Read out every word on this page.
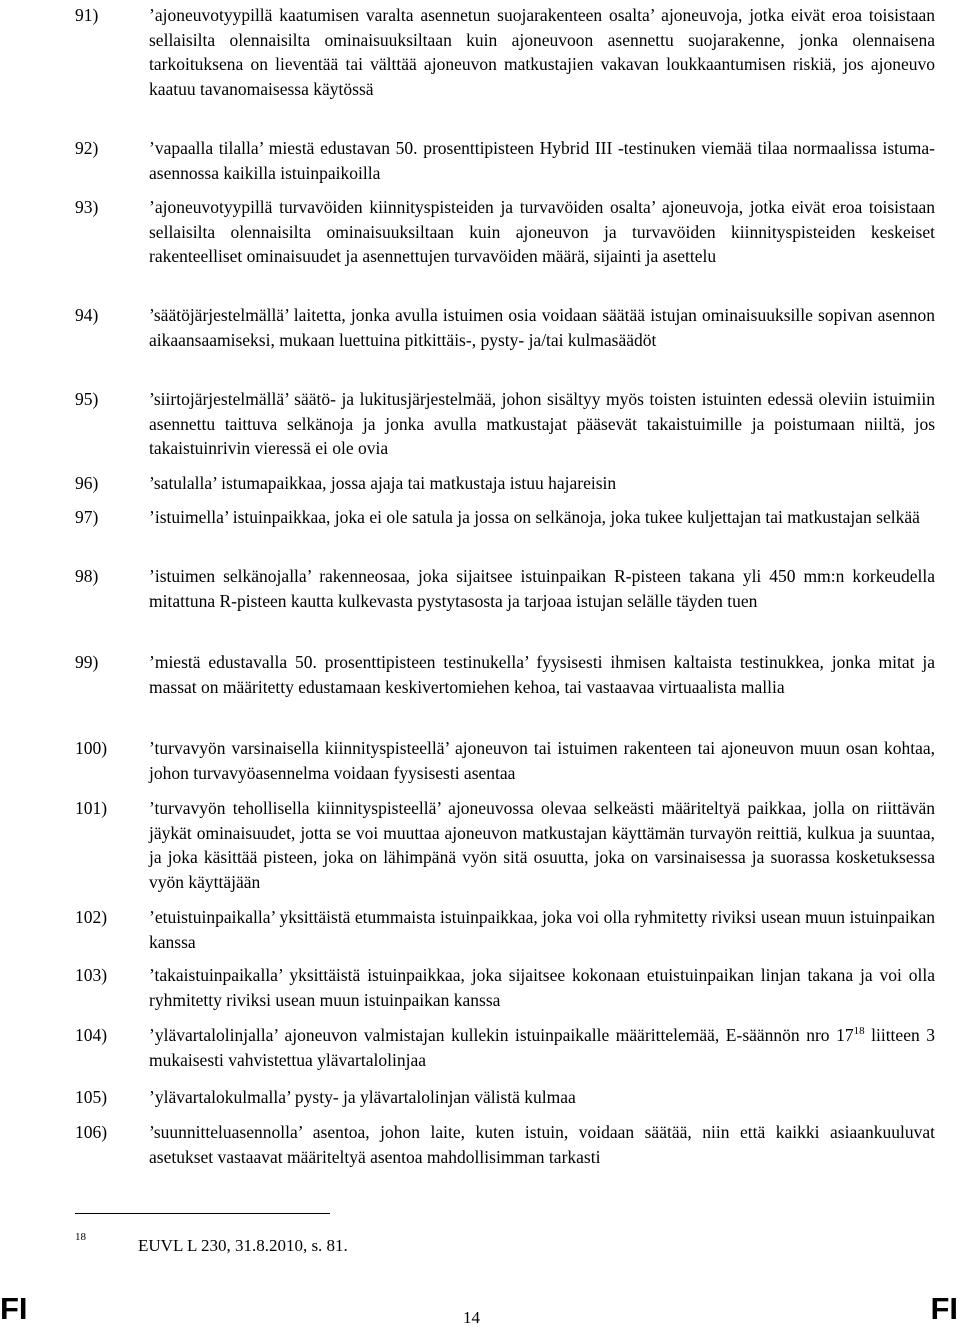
91)	’ajoneuvotyypillä kaatumisen varalta asennetun suojarakenteen osalta’ ajoneuvoja, jotka eivät eroa toisistaan sellaisilta olennaisilta ominaisuuksiltaan kuin ajoneuvoon asennettu suojarakenne, jonka olennaisena tarkoituksena on lieventää tai välttää ajoneuvon matkustajien vakavan loukkaantumisen riskiä, jos ajoneuvo kaatuu tavanomaisessa käytössä
92)	’vapaalla tilalla’ miestä edustavan 50. prosenttipisteen Hybrid III -testinuken viemää tilaa normaalissa istuma-asennossa kaikilla istuinpaikoilla
93)	’ajoneuvotyypillä turvavöiden kiinnityspisteiden ja turvavöiden osalta’ ajoneuvoja, jotka eivät eroa toisistaan sellaisilta olennaisilta ominaisuuksiltaan kuin ajoneuvon ja turvavöiden kiinnityspisteiden keskeiset rakenteelliset ominaisuudet ja asennettujen turvavöiden määrä, sijainti ja asettelu
94)	’säätöjärjestelmällä’ laitetta, jonka avulla istuimen osia voidaan säätää istujan ominaisuuksille sopivan asennon aikaansaamiseksi, mukaan luettuina pitkittäis-, pysty- ja/tai kulmasäädöt
95)	’siirtojärjestelmällä’ säätö- ja lukitusjärjestelmää, johon sisältyy myös toisten istuinten edessä oleviin istuimiin asennettu taittuva selkänoja ja jonka avulla matkustajat pääsevät takaistuimille ja poistumaan niiltä, jos takaistuinrivin vieressä ei ole ovia
96)	’satulalla’ istumapaikkaa, jossa ajaja tai matkustaja istuu hajareisin
97)	’istuimella’ istuinpaikkaa, joka ei ole satula ja jossa on selkänoja, joka tukee kuljettajan tai matkustajan selkää
98)	’istuimen selkänojalla’ rakenneosaa, joka sijaitsee istuinpaikan R-pisteen takana yli 450 mm:n korkeudella mitattuna R-pisteen kautta kulkevasta pystytasosta ja tarjoaa istujan selälle täyden tuen
99)	’miestä edustavalla 50. prosenttipisteen testinukella’ fyysisesti ihmisen kaltaista testinukkea, jonka mitat ja massat on määritetty edustamaan keskivertomiehen kehoa, tai vastaavaa virtuaalista mallia
100) ’turvavyön varsinaisella kiinnityspisteellä’ ajoneuvon tai istuimen rakenteen tai ajoneuvon muun osan kohtaa, johon turvavyöasennelma voidaan fyysisesti asentaa
101) ’turvavyön tehollisella kiinnityspisteellä’ ajoneuvossa olevaa selkeästi määriteltyä paikkaa, jolla on riittävän jäykät ominaisuudet, jotta se voi muuttaa ajoneuvon matkustajan käyttämän turvayön reittiä, kulkua ja suuntaa, ja joka käsittää pisteen, joka on lähimpänä vyön sitä osuutta, joka on varsinaisessa ja suorassa kosketuksessa vyön käyttäjään
102) ’etuistuinpaikalla’ yksittäistä etummaista istuinpaikkaa, joka voi olla ryhmitetty riviksi usean muun istuinpaikan kanssa
103) ’takaistuinpaikalla’ yksittäistä istuinpaikkaa, joka sijaitsee kokonaan etuistuinpaikan linjan takana ja voi olla ryhmitetty riviksi usean muun istuinpaikan kanssa
104) ’ylävartalolinjalla’ ajoneuvon valmistajan kullekin istuinpaikalle määrittelemää, E-säännön nro $17^{18}$ liitteen 3 mukaisesti vahvistettua ylävartalolinjaa
105) ’ylävartalokulmalla’ pysty- ja ylävartalolinjan välistä kulmaa
106) ’suunnitteluasennolla’ asentoa, johon laite, kuten istuin, voidaan säätää, niin että kaikki asiaankuuluvat asetukset vastaavat määriteltyä asentoa mahdollisimman tarkasti
18	EUVL L 230, 31.8.2010, s. 81.
FI	14	FI
